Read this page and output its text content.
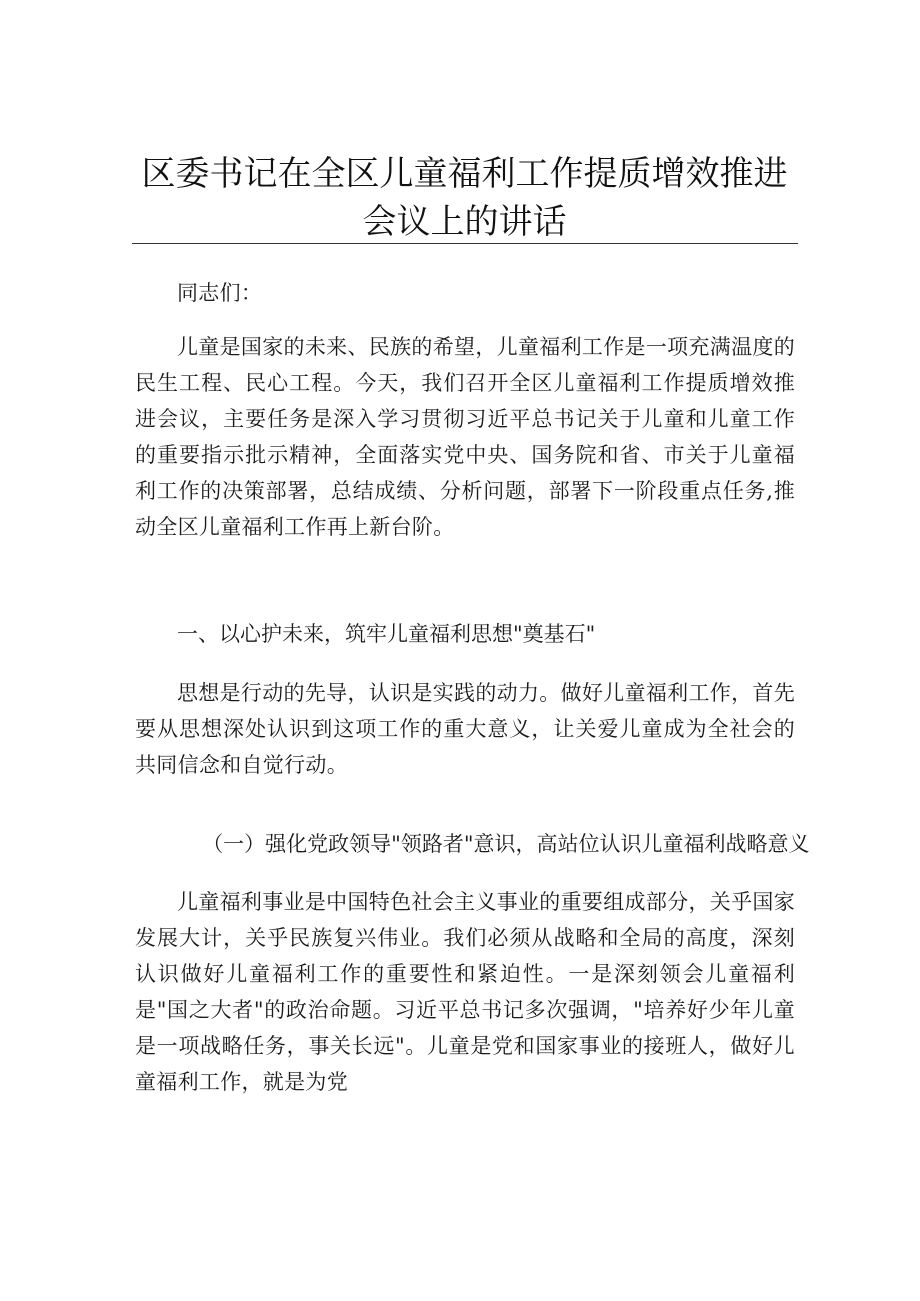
区委书记在全区儿童福利工作提质增效推进会议上的讲话
同志们：
儿童是国家的未来、民族的希望，儿童福利工作是一项充满温度的民生工程、民心工程。今天，我们召开全区儿童福利工作提质增效推进会议，主要任务是深入学习贯彻习近平总书记关于儿童和儿童工作的重要指示批示精神，全面落实党中央、国务院和省、市关于儿童福利工作的决策部署，总结成绩、分析问题，部署下一阶段重点任务,推动全区儿童福利工作再上新台阶。
一、以心护未来，筑牢儿童福利思想"奠基石"
思想是行动的先导，认识是实践的动力。做好儿童福利工作，首先要从思想深处认识到这项工作的重大意义，让关爱儿童成为全社会的共同信念和自觉行动。
（一）强化党政领导"领路者"意识，高站位认识儿童福利战略意义
儿童福利事业是中国特色社会主义事业的重要组成部分，关乎国家发展大计，关乎民族复兴伟业。我们必须从战略和全局的高度，深刻认识做好儿童福利工作的重要性和紧迫性。一是深刻领会儿童福利是"国之大者"的政治命题。习近平总书记多次强调，"培养好少年儿童是一项战略任务，事关长远"。儿童是党和国家事业的接班人，做好儿童福利工作，就是为党
